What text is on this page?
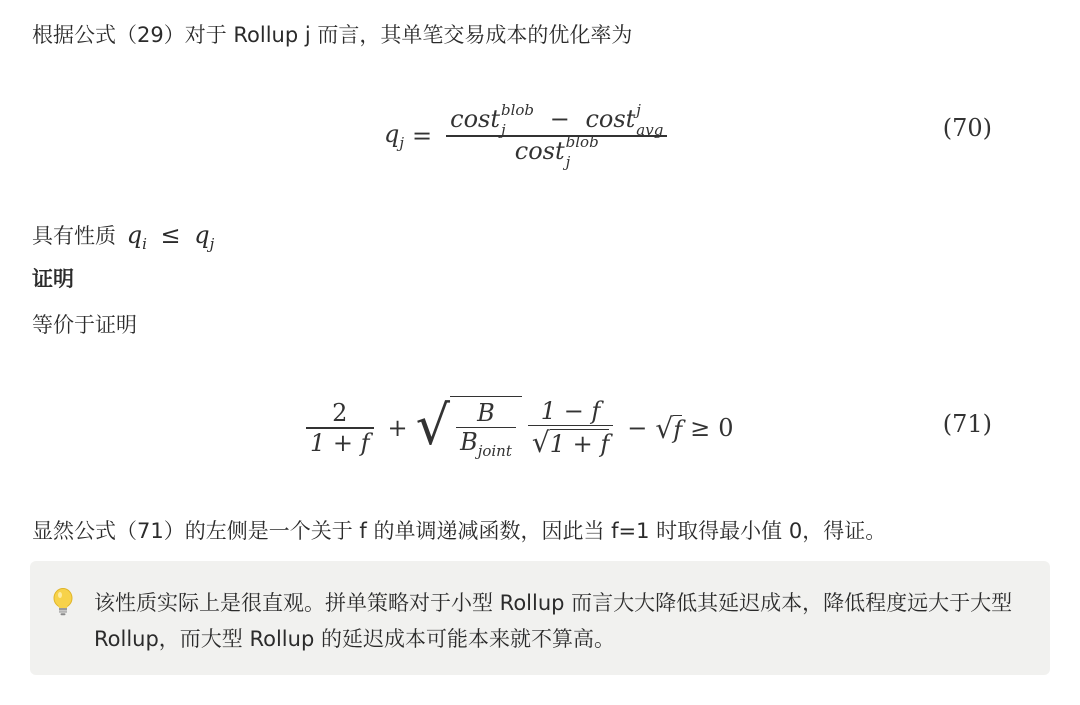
根据公式（29）对于 Rollup j 而言，其单笔交易成本的优化率为
$q_j = \cos t$ blob
j	− cost j
avg
cost blob
j	(70)
具有性质 $q_i \le q_j$
证明
等价于证明
$\frac{2}{1 + f}$ + √ $\frac{B}{B_{joint}} \frac{1 - f}{√1 + f} - √f \ge 0$	(71)
显然公式（71）的左侧是一个关于 f 的单调递减函数，因此当 f=1 时取得最小值 0，得证。
该性质实际上是很直观。拼单策略对于小型 Rollup 而言大大降低其延迟成本，降低程度远大于大型 Rollup，而大型 Rollup 的延迟成本可能本来就不算高。
